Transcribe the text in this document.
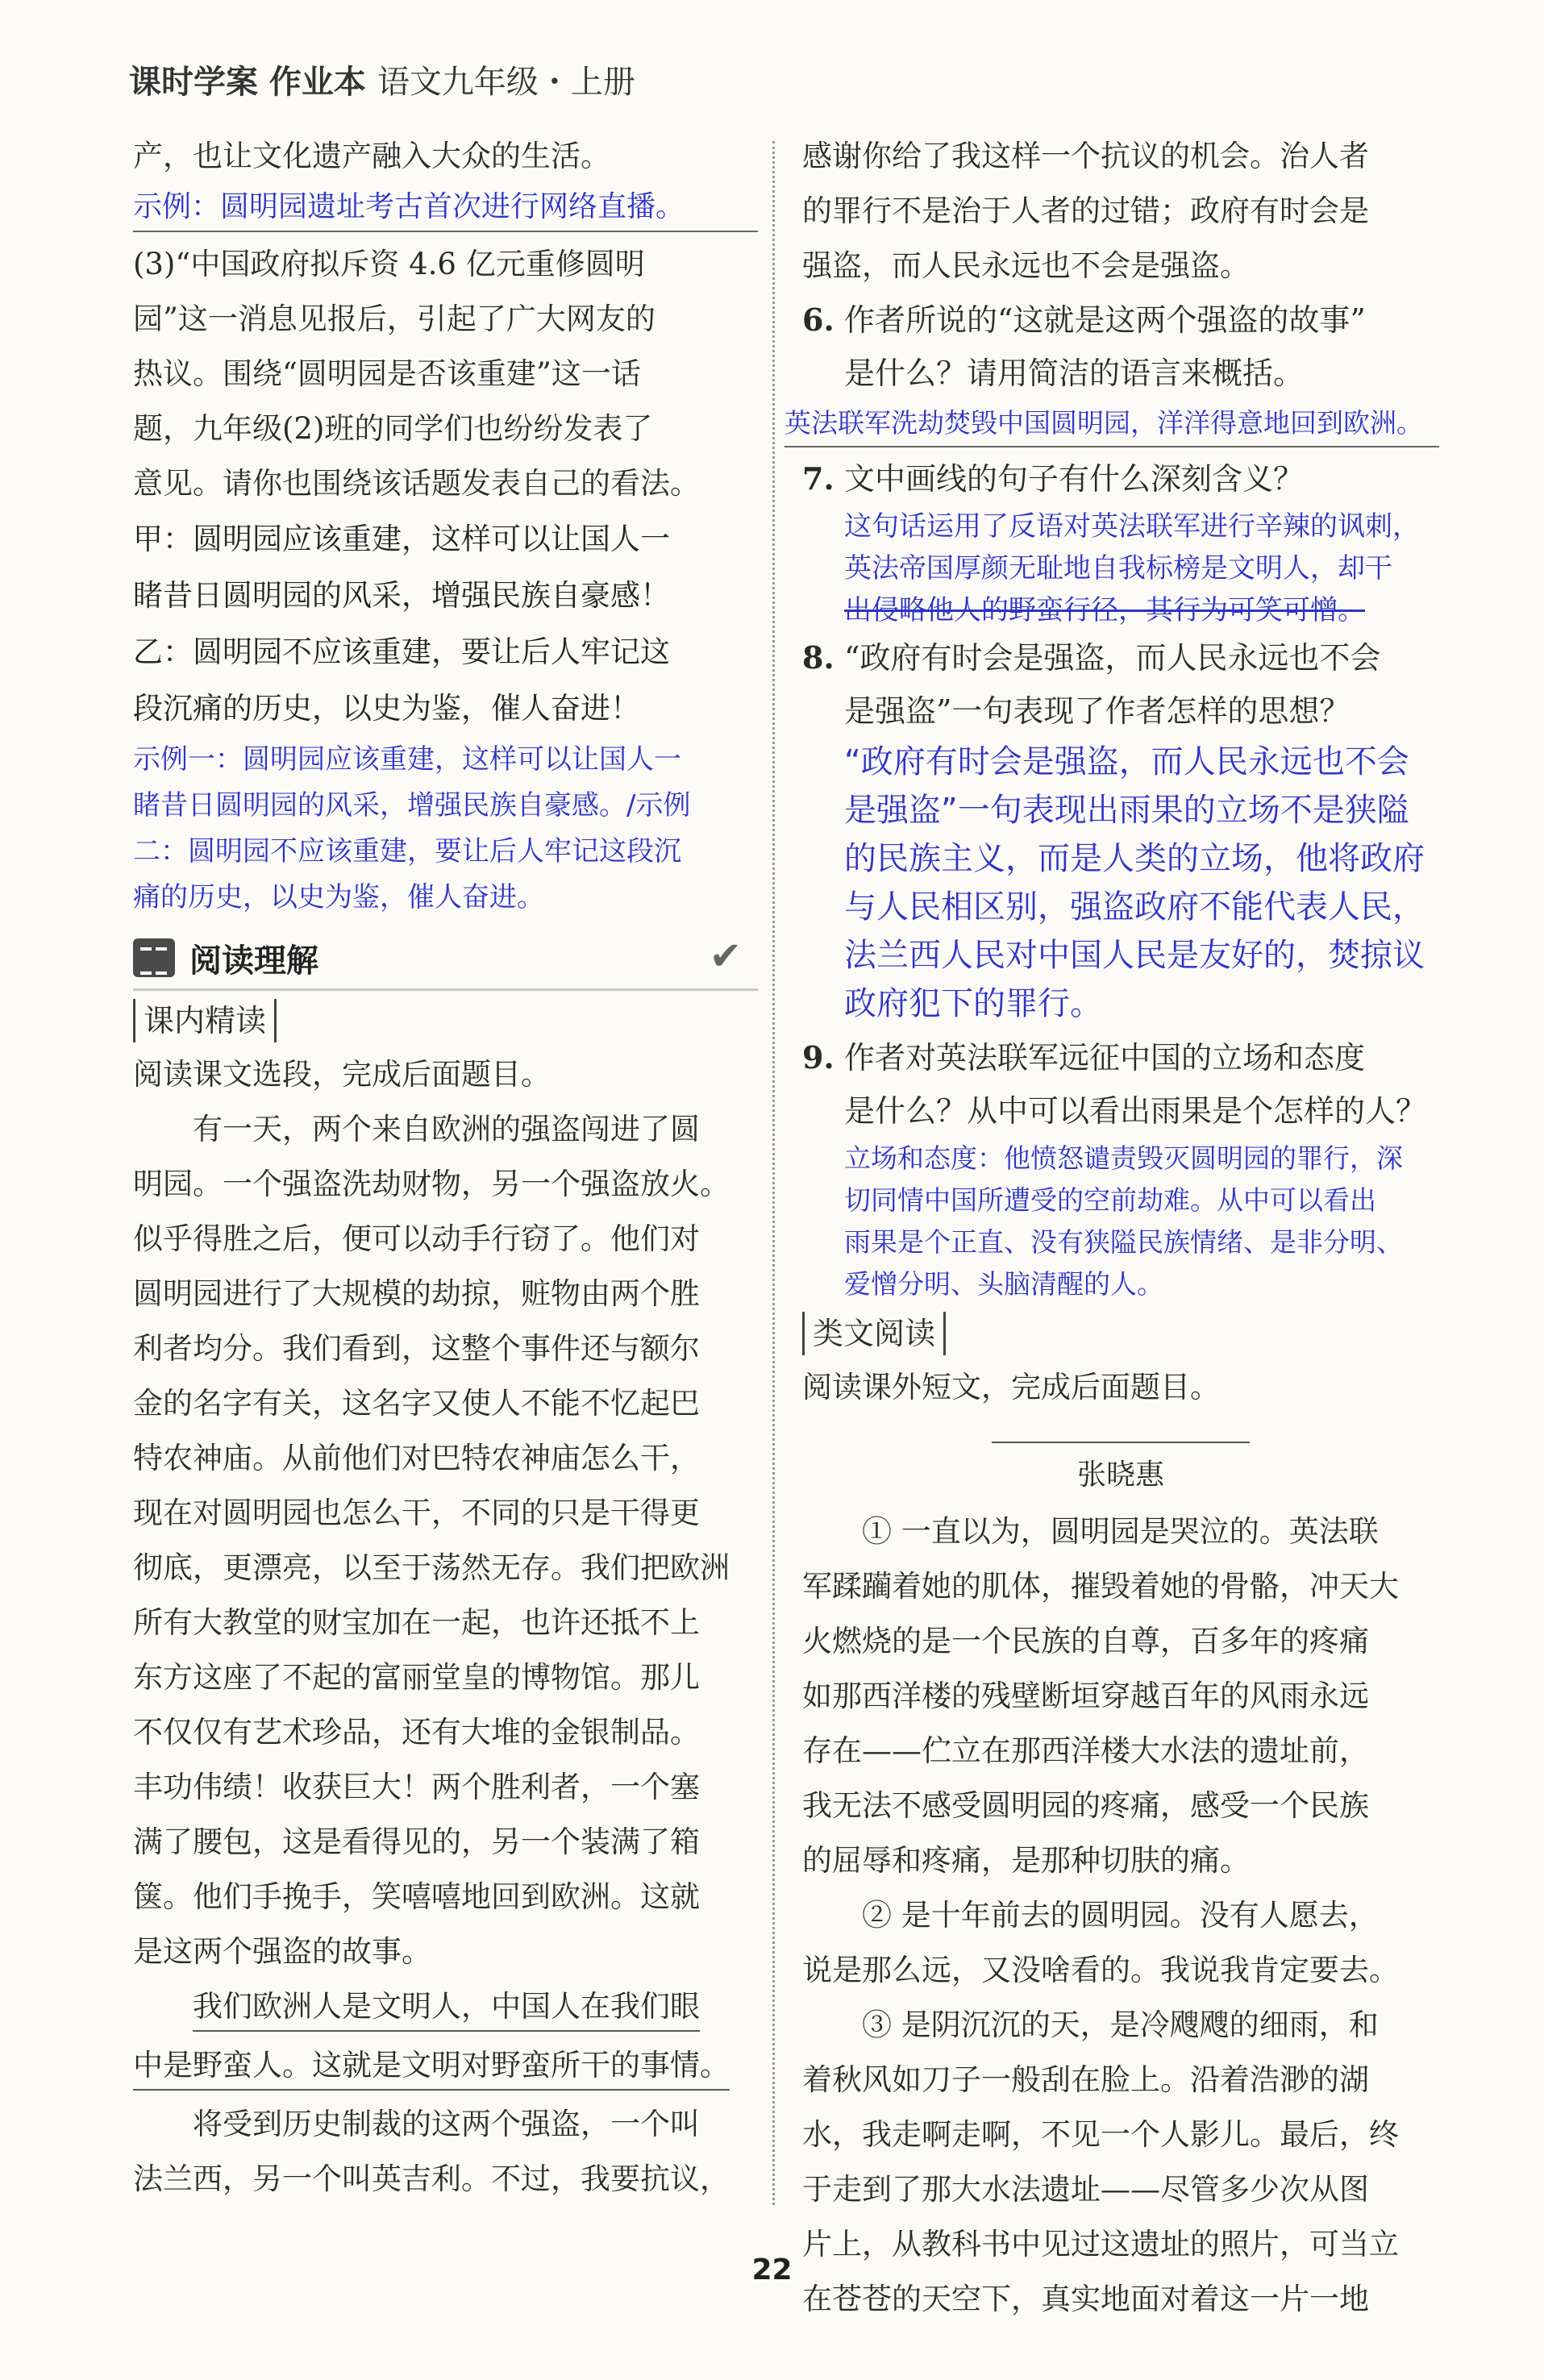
课时学案 作业本 语文九年级・上册
产，也让文化遗产融入大众的生活。
示例：圆明园遗址考古首次进行网络直播。
(3)“中国政府拟斥资 4.6 亿元重修圆明
园”这一消息见报后，引起了广大网友的
热议。围绕“圆明园是否该重建”这一话
题，九年级(2)班的同学们也纷纷发表了
意见。请你也围绕该话题发表自己的看法。
甲：圆明园应该重建，这样可以让国人一
睹昔日圆明园的风采，增强民族自豪感！
乙：圆明园不应该重建，要让后人牢记这
段沉痛的历史，以史为鉴，催人奋进！
示例一：圆明园应该重建，这样可以让国人一
睹昔日圆明园的风采，增强民族自豪感。/示例
二：圆明园不应该重建，要让后人牢记这段沉
痛的历史，以史为鉴，催人奋进。
阅读理解	✔
课内精读
阅读课文选段，完成后面题目。
有一天，两个来自欧洲的强盗闯进了圆
明园。一个强盗洗劫财物，另一个强盗放火。
似乎得胜之后，便可以动手行窃了。他们对
圆明园进行了大规模的劫掠，赃物由两个胜
利者均分。我们看到，这整个事件还与额尔
金的名字有关，这名字又使人不能不忆起巴
特农神庙。从前他们对巴特农神庙怎么干，
现在对圆明园也怎么干，不同的只是干得更
彻底，更漂亮，以至于荡然无存。我们把欧洲
所有大教堂的财宝加在一起，也许还抵不上
东方这座了不起的富丽堂皇的博物馆。那儿
不仅仅有艺术珍品，还有大堆的金银制品。
丰功伟绩！收获巨大！两个胜利者，一个塞
满了腰包，这是看得见的，另一个装满了箱
箧。他们手挽手，笑嘻嘻地回到欧洲。这就
是这两个强盗的故事。
我们欧洲人是文明人，中国人在我们眼
中是野蛮人。这就是文明对野蛮所干的事情。
将受到历史制裁的这两个强盗，一个叫
法兰西，另一个叫英吉利。不过，我要抗议，
感谢你给了我这样一个抗议的机会。治人者
的罪行不是治于人者的过错；政府有时会是
强盗，而人民永远也不会是强盗。
6. 作者所说的“这就是这两个强盗的故事”
是什么？请用简洁的语言来概括。
英法联军洗劫焚毁中国圆明园，洋洋得意地回到欧洲。
7. 文中画线的句子有什么深刻含义？
这句话运用了反语对英法联军进行辛辣的讽刺，
英法帝国厚颜无耻地自我标榜是文明人，却干
出侵略他人的野蛮行径，其行为可笑可憎。
8. “政府有时会是强盗，而人民永远也不会
是强盗”一句表现了作者怎样的思想？
“政府有时会是强盗，而人民永远也不会
是强盗”一句表现出雨果的立场不是狭隘
的民族主义，而是人类的立场，他将政府
与人民相区别，强盗政府不能代表人民，
法兰西人民对中国人民是友好的，焚掠议
政府犯下的罪行。
9. 作者对英法联军远征中国的立场和态度
是什么？从中可以看出雨果是个怎样的人？
立场和态度：他愤怒谴责毁灭圆明园的罪行，深
切同情中国所遭受的空前劫难。从中可以看出
雨果是个正直、没有狭隘民族情绪、是非分明、
爱憎分明、头脑清醒的人。
类文阅读
阅读课外短文，完成后面题目。
张晓惠
① 一直以为，圆明园是哭泣的。英法联
军蹂躏着她的肌体，摧毁着她的骨骼，冲天大
火燃烧的是一个民族的自尊，百多年的疼痛
如那西洋楼的残壁断垣穿越百年的风雨永远
存在——伫立在那西洋楼大水法的遗址前，
我无法不感受圆明园的疼痛，感受一个民族
的屈辱和疼痛，是那种切肤的痛。
② 是十年前去的圆明园。没有人愿去，
说是那么远，又没啥看的。我说我肯定要去。
③ 是阴沉沉的天，是冷飕飕的细雨，和
着秋风如刀子一般刮在脸上。沿着浩渺的湖
水，我走啊走啊，不见一个人影儿。最后，终
于走到了那大水法遗址——尽管多少次从图
片上，从教科书中见过这遗址的照片，可当立
在苍苍的天空下，真实地面对着这一片一地
22
